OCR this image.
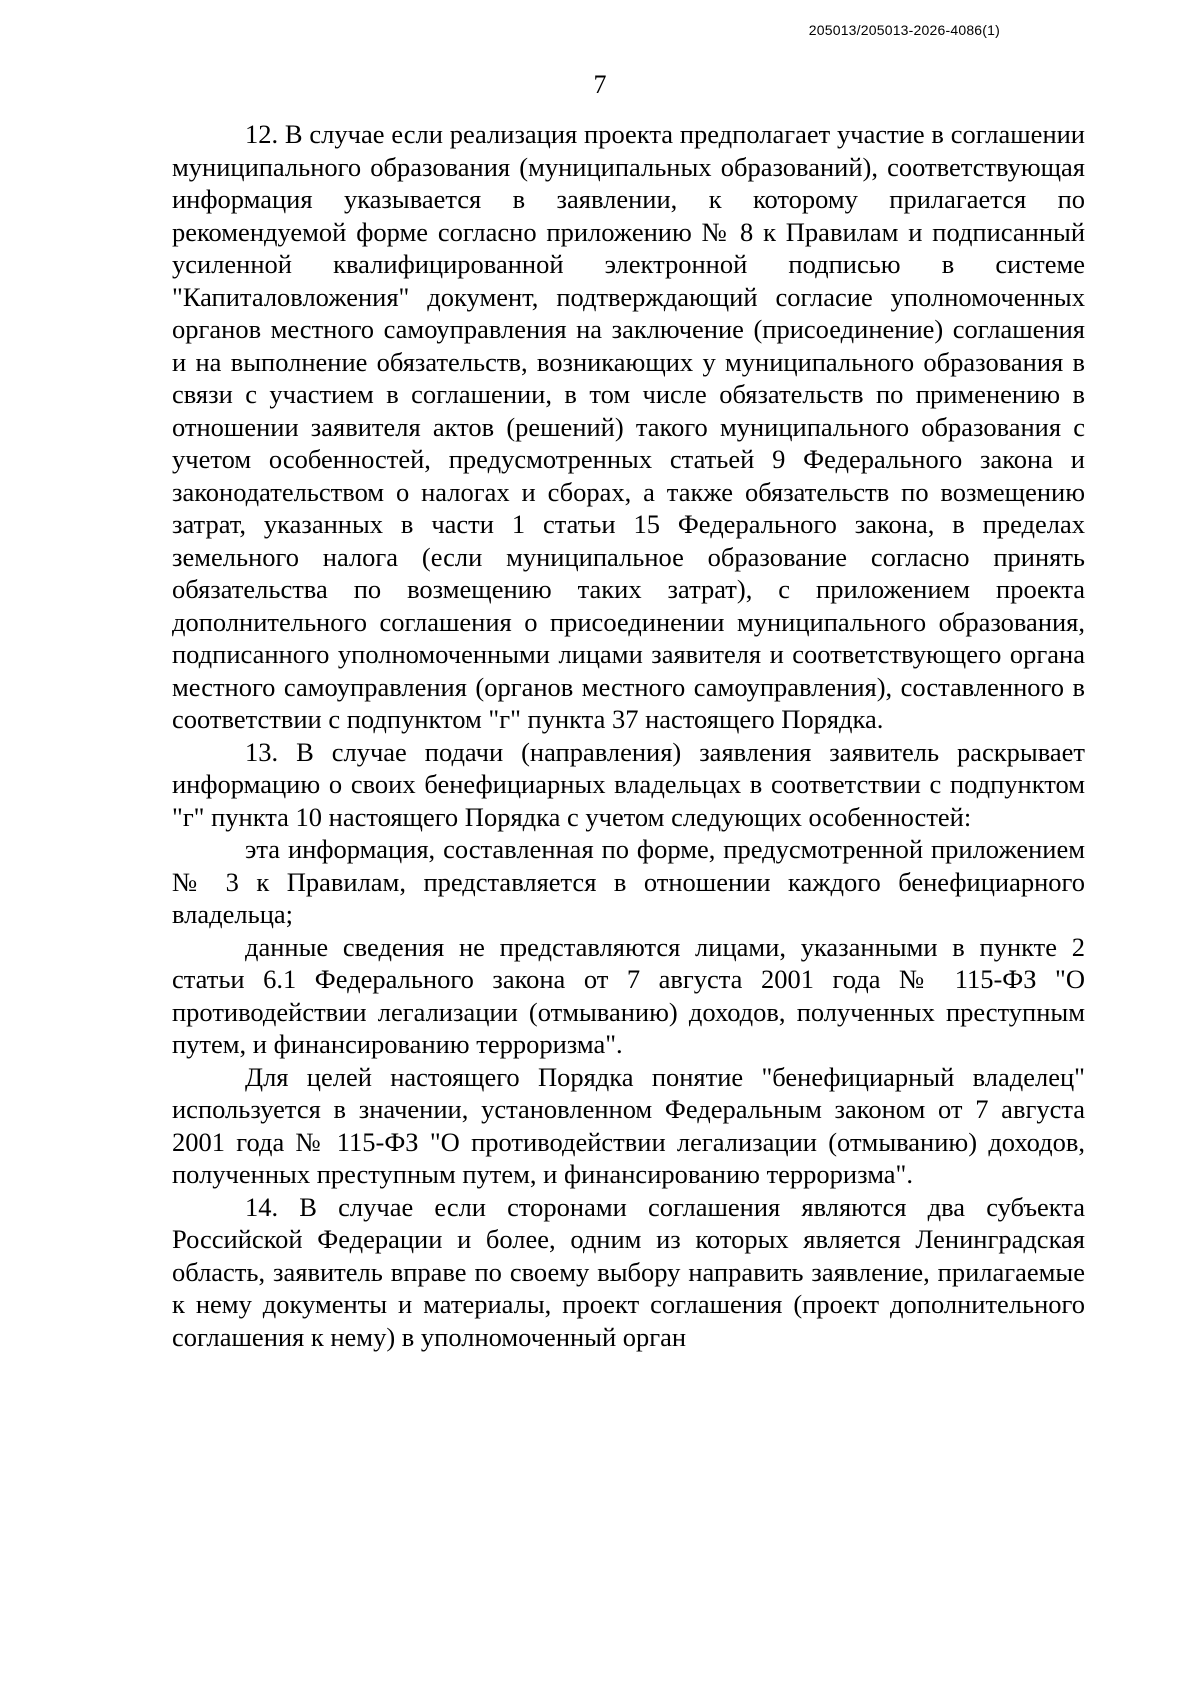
205013/205013-2026-4086(1)
7

12. В случае если реализация проекта предполагает участие в соглашении муниципального образования (муниципальных образований), соответствующая информация указывается в заявлении, к которому прилагается по рекомендуемой форме согласно приложению № 8 к Правилам и подписанный усиленной квалифицированной электронной подписью в системе "Капиталовложения" документ, подтверждающий согласие уполномоченных органов местного самоуправления на заключение (присоединение) соглашения и на выполнение обязательств, возникающих у муниципального образования в связи с участием в соглашении, в том числе обязательств по применению в отношении заявителя актов (решений) такого муниципального образования с учетом особенностей, предусмотренных статьей 9 Федерального закона и законодательством о налогах и сборах, а также обязательств по возмещению затрат, указанных в части 1 статьи 15 Федерального закона, в пределах земельного налога (если муниципальное образование согласно принять обязательства по возмещению таких затрат), с приложением проекта дополнительного соглашения о присоединении муниципального образования, подписанного уполномоченными лицами заявителя и соответствующего органа местного самоуправления (органов местного самоуправления), составленного в соответствии с подпунктом "г" пункта 37 настоящего Порядка.

13. В случае подачи (направления) заявления заявитель раскрывает информацию о своих бенефициарных владельцах в соответствии с подпунктом "г" пункта 10 настоящего Порядка с учетом следующих особенностей:

эта информация, составленная по форме, предусмотренной приложением № 3 к Правилам, представляется в отношении каждого бенефициарного владельца;

данные сведения не представляются лицами, указанными в пункте 2 статьи 6.1 Федерального закона от 7 августа 2001 года № 115-ФЗ "О противодействии легализации (отмыванию) доходов, полученных преступным путем, и финансированию терроризма".

Для целей настоящего Порядка понятие "бенефициарный владелец" используется в значении, установленном Федеральным законом от 7 августа 2001 года № 115-ФЗ "О противодействии легализации (отмыванию) доходов, полученных преступным путем, и финансированию терроризма".

14. В случае если сторонами соглашения являются два субъекта Российской Федерации и более, одним из которых является Ленинградская область, заявитель вправе по своему выбору направить заявление, прилагаемые к нему документы и материалы, проект соглашения (проект дополнительного соглашения к нему) в уполномоченный орган
